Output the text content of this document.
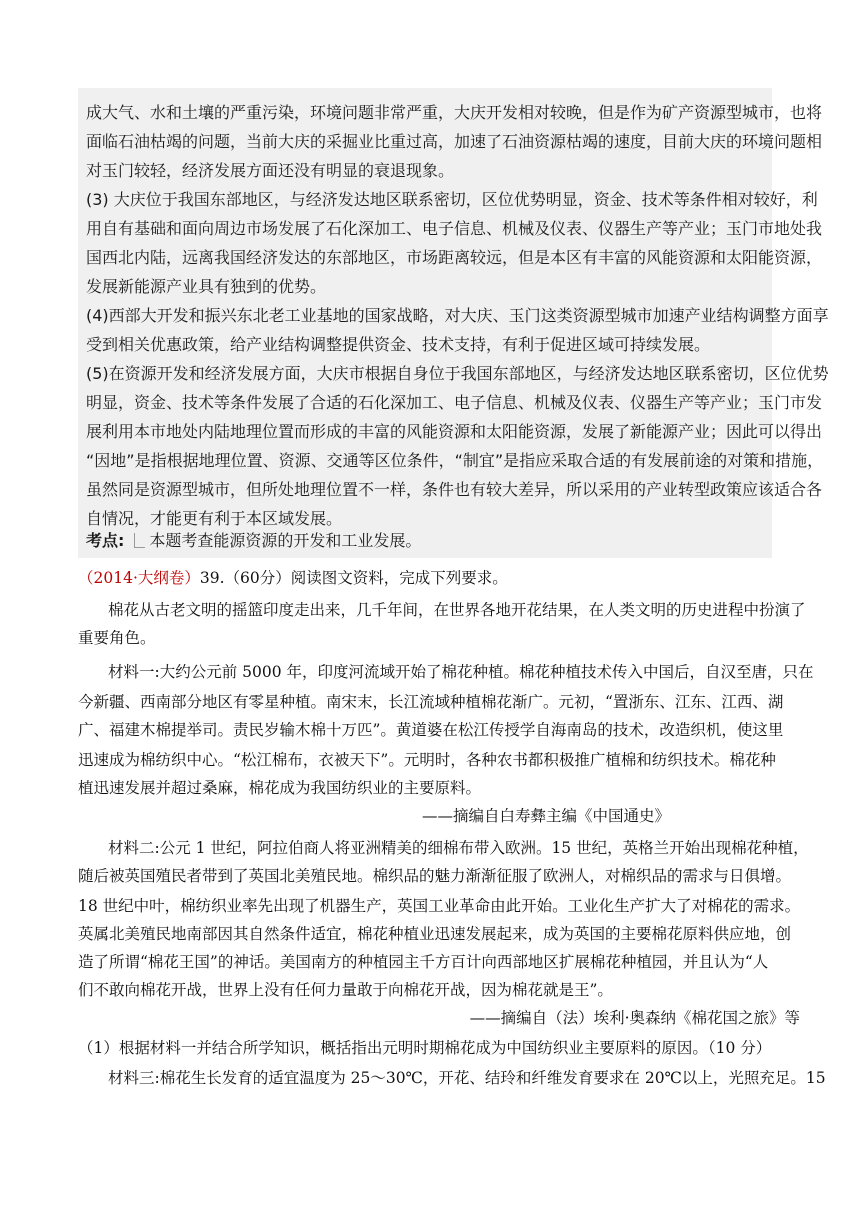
成大气、水和土壤的严重污染，环境问题非常严重，大庆开发相对较晚，但是作为矿产资源型城市，也将
面临石油枯竭的问题，当前大庆的采掘业比重过高，加速了石油资源枯竭的速度，目前大庆的环境问题相
对玉门较轻，经济发展方面还没有明显的衰退现象。
(3) 大庆位于我国东部地区，与经济发达地区联系密切，区位优势明显，资金、技术等条件相对较好，利
用自有基础和面向周边市场发展了石化深加工、电子信息、机械及仪表、仪器生产等产业；玉门市地处我
国西北内陆，远离我国经济发达的东部地区，市场距离较远，但是本区有丰富的风能资源和太阳能资源，
发展新能源产业具有独到的优势。
(4)西部大开发和振兴东北老工业基地的国家战略，对大庆、玉门这类资源型城市加速产业结构调整方面享
受到相关优惠政策，给产业结构调整提供资金、技术支持，有利于促进区域可持续发展。
(5)在资源开发和经济发展方面，大庆市根据自身位于我国东部地区，与经济发达地区联系密切，区位优势
明显，资金、技术等条件发展了合适的石化深加工、电子信息、机械及仪表、仪器生产等产业；玉门市发
展利用本市地处内陆地理位置而形成的丰富的风能资源和太阳能资源，发展了新能源产业；因此可以得出
“因地”是指根据地理位置、资源、交通等区位条件，“制宜”是指应采取合适的有发展前途的对策和措施，
虽然同是资源型城市，但所处地理位置不一样，条件也有较大差异，所以采用的产业转型政策应该适合各
自情况，才能更有利于本区域发展。
考点: 本题考查能源资源的开发和工业发展。
（2014·大纲卷）39.（60分）阅读图文资料，完成下列要求。
棉花从古老文明的摇篮印度走出来，几千年间，在世界各地开花结果，在人类文明的历史进程中扮演了
重要角色。
材料一:大约公元前 5000 年，印度河流域开始了棉花种植。棉花种植技术传入中国后，自汉至唐，只在
今新疆、西南部分地区有零星种植。南宋末，长江流域种植棉花渐广。元初，“置浙东、江东、江西、湖
广、福建木棉提举司。责民岁输木棉十万匹”。黄道婆在松江传授学自海南岛的技术，改造织机，使这里
迅速成为棉纺织中心。“松江棉布，衣被天下”。元明时，各种农书都积极推广植棉和纺织技术。棉花种
植迅速发展并超过桑麻，棉花成为我国纺织业的主要原料。
——摘编自白寿彝主编《中国通史》
材料二:公元 1 世纪，阿拉伯商人将亚洲精美的细棉布带入欧洲。15 世纪，英格兰开始出现棉花种植，
随后被英国殖民者带到了英国北美殖民地。棉织品的魅力渐渐征服了欧洲人，对棉织品的需求与日俱增。
18 世纪中叶，棉纺织业率先出现了机器生产，英国工业革命由此开始。工业化生产扩大了对棉花的需求。
英属北美殖民地南部因其自然条件适宜，棉花种植业迅速发展起来，成为英国的主要棉花原料供应地，创
造了所谓“棉花王国”的神话。美国南方的种植园主千方百计向西部地区扩展棉花种植园，并且认为“人
们不敢向棉花开战，世界上没有任何力量敢于向棉花开战，因为棉花就是王”。
——摘编自（法）埃利·奥森纳《棉花国之旅》等
（1）根据材料一并结合所学知识，概括指出元明时期棉花成为中国纺织业主要原料的原因。（10 分）
材料三:棉花生长发育的适宜温度为 25～30℃，开花、结玲和纤维发育要求在 20℃以上，光照充足。15
